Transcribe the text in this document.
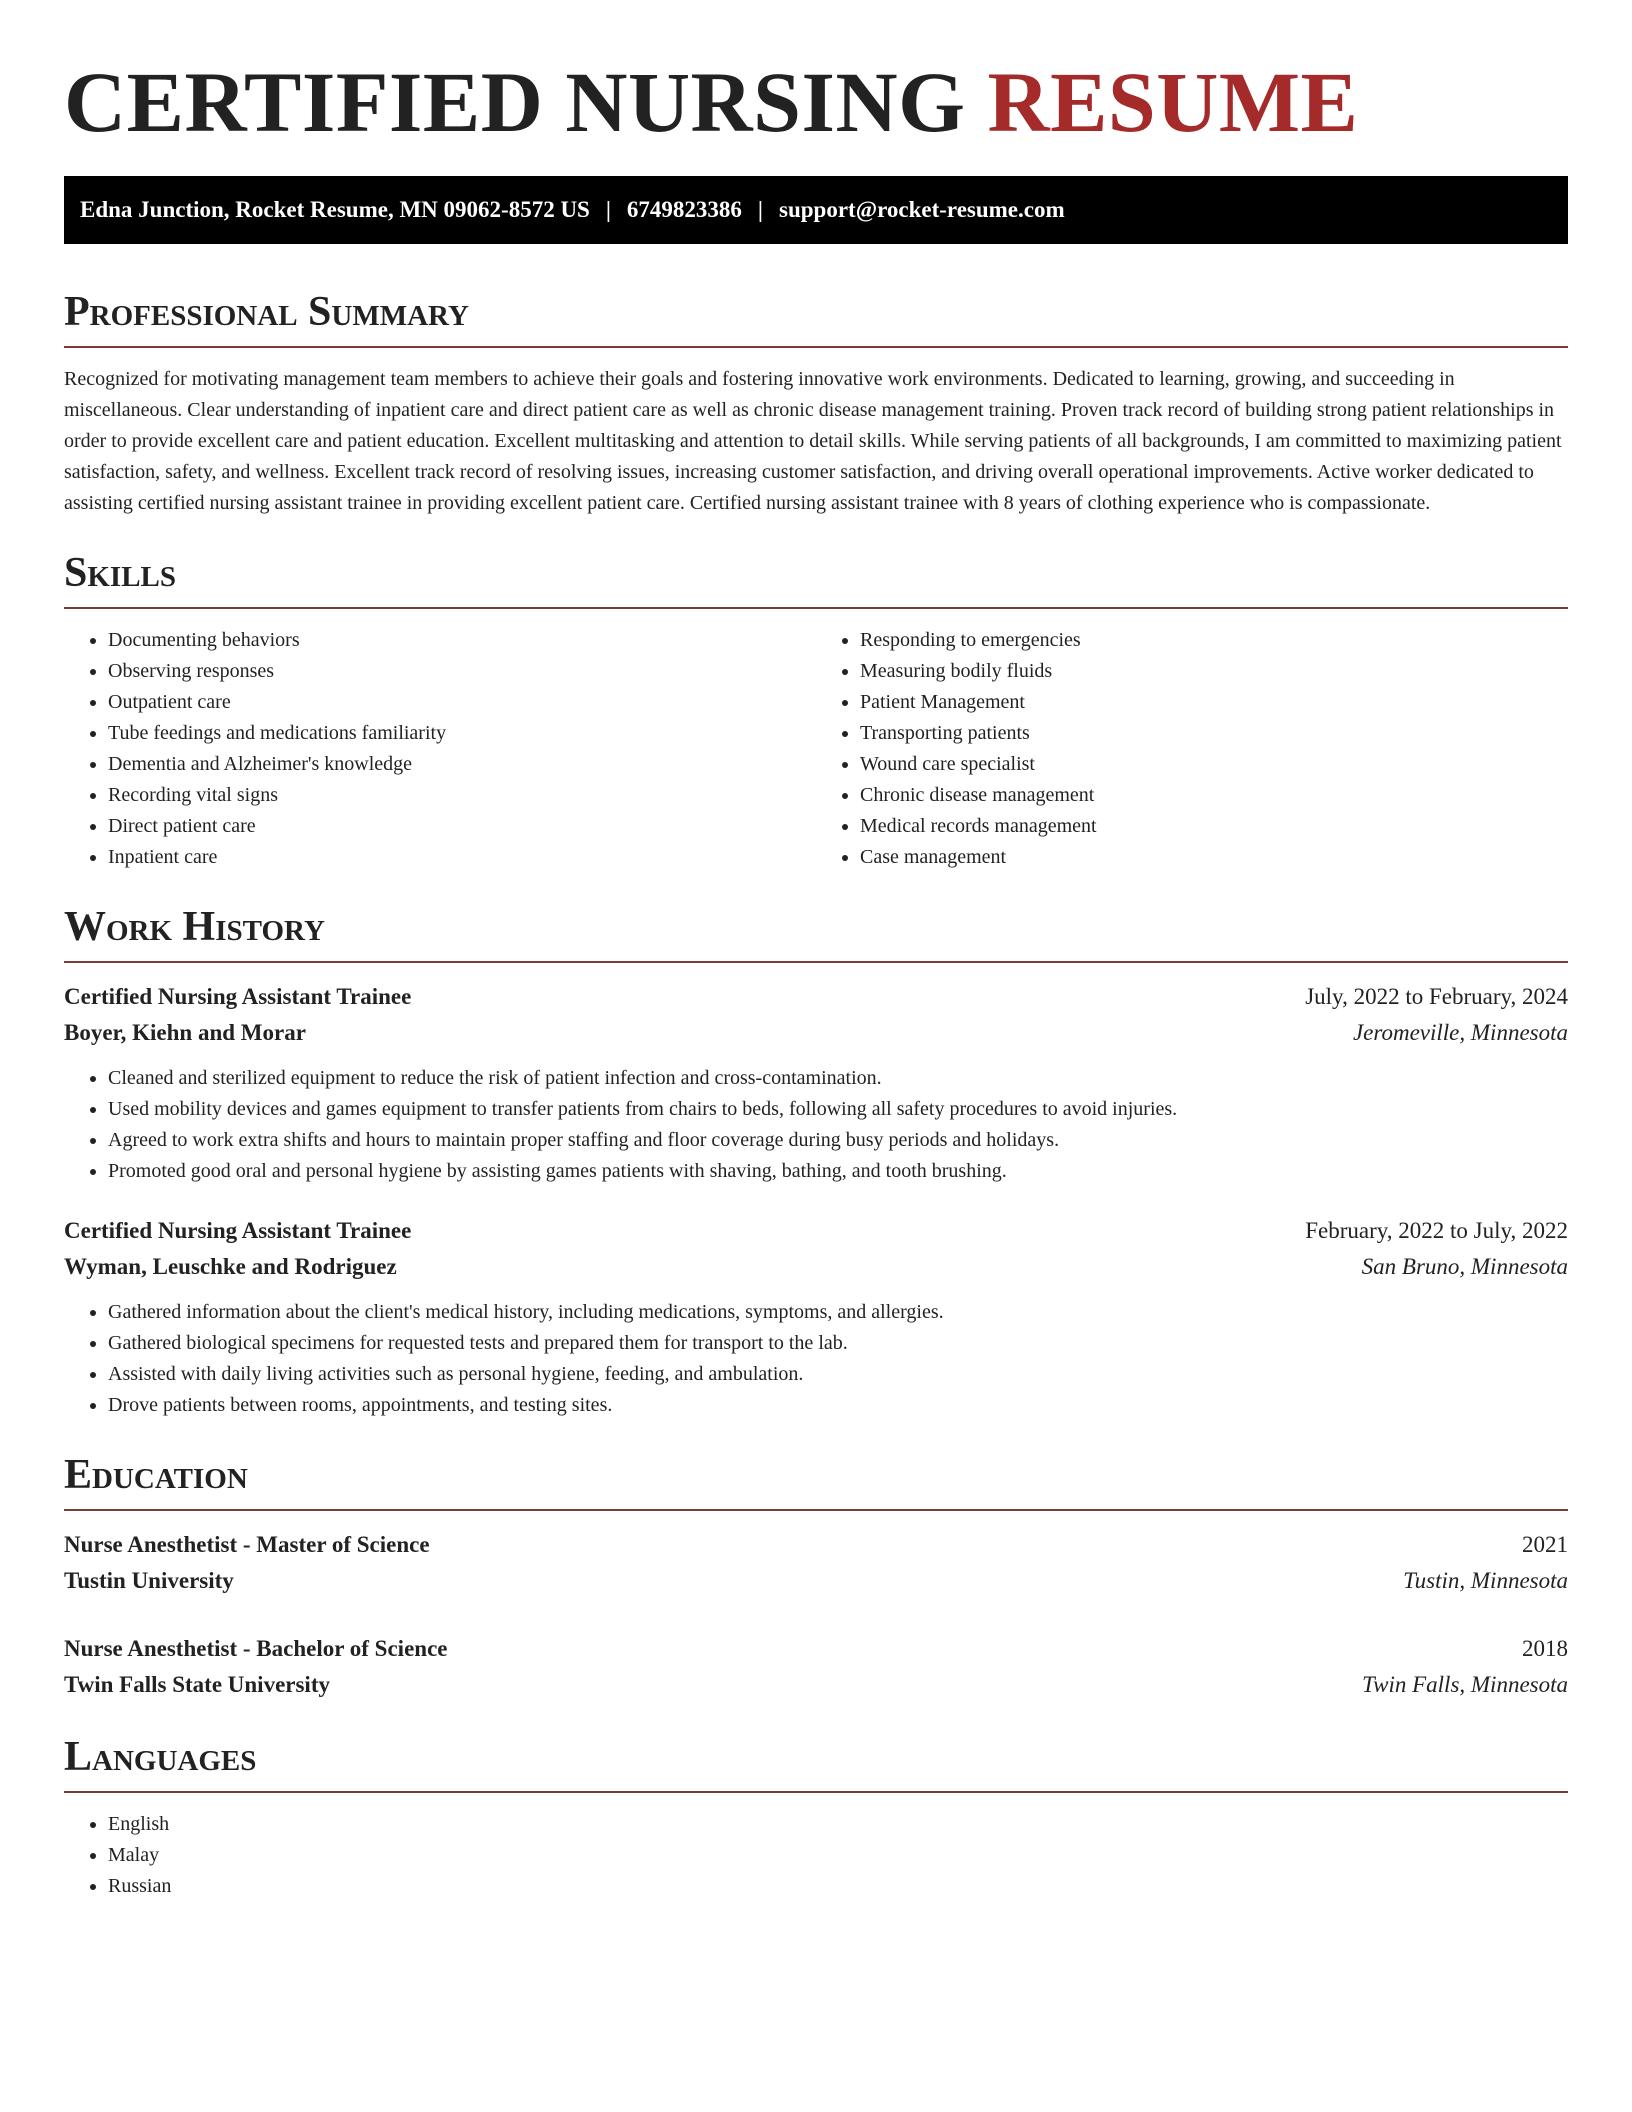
CERTIFIED NURSING RESUME
Edna Junction, Rocket Resume, MN 09062-8572 US | 6749823386 | support@rocket-resume.com
Professional Summary

Recognized for motivating management team members to achieve their goals and fostering innovative work environments. Dedicated to learning, growing, and succeeding in miscellaneous. Clear understanding of inpatient care and direct patient care as well as chronic disease management training. Proven track record of building strong patient relationships in order to provide excellent care and patient education. Excellent multitasking and attention to detail skills. While serving patients of all backgrounds, I am committed to maximizing patient satisfaction, safety, and wellness. Excellent track record of resolving issues, increasing customer satisfaction, and driving overall operational improvements. Active worker dedicated to assisting certified nursing assistant trainee in providing excellent patient care. Certified nursing assistant trainee with 8 years of clothing experience who is compassionate.

Skills
• Documenting behaviors
• Observing responses
• Outpatient care
• Tube feedings and medications familiarity
• Dementia and Alzheimer's knowledge
• Recording vital signs
• Direct patient care
• Inpatient care
• Responding to emergencies
• Measuring bodily fluids
• Patient Management
• Transporting patients
• Wound care specialist
• Chronic disease management
• Medical records management
• Case management
Work History
Certified Nursing Assistant Trainee	July, 2022 to February, 2024
Boyer, Kiehn and Morar	Jeromeville, Minnesota
• Cleaned and sterilized equipment to reduce the risk of patient infection and cross-contamination.
• Used mobility devices and games equipment to transfer patients from chairs to beds, following all safety procedures to avoid injuries.
• Agreed to work extra shifts and hours to maintain proper staffing and floor coverage during busy periods and holidays.
• Promoted good oral and personal hygiene by assisting games patients with shaving, bathing, and tooth brushing.
Certified Nursing Assistant Trainee	February, 2022 to July, 2022
Wyman, Leuschke and Rodriguez	San Bruno, Minnesota
• Gathered information about the client's medical history, including medications, symptoms, and allergies.
• Gathered biological specimens for requested tests and prepared them for transport to the lab.
• Assisted with daily living activities such as personal hygiene, feeding, and ambulation.
• Drove patients between rooms, appointments, and testing sites.
Education
Nurse Anesthetist - Master of Science	2021
Tustin University	Tustin, Minnesota
Nurse Anesthetist - Bachelor of Science	2018
Twin Falls State University	Twin Falls, Minnesota
Languages
• English
• Malay
• Russian
